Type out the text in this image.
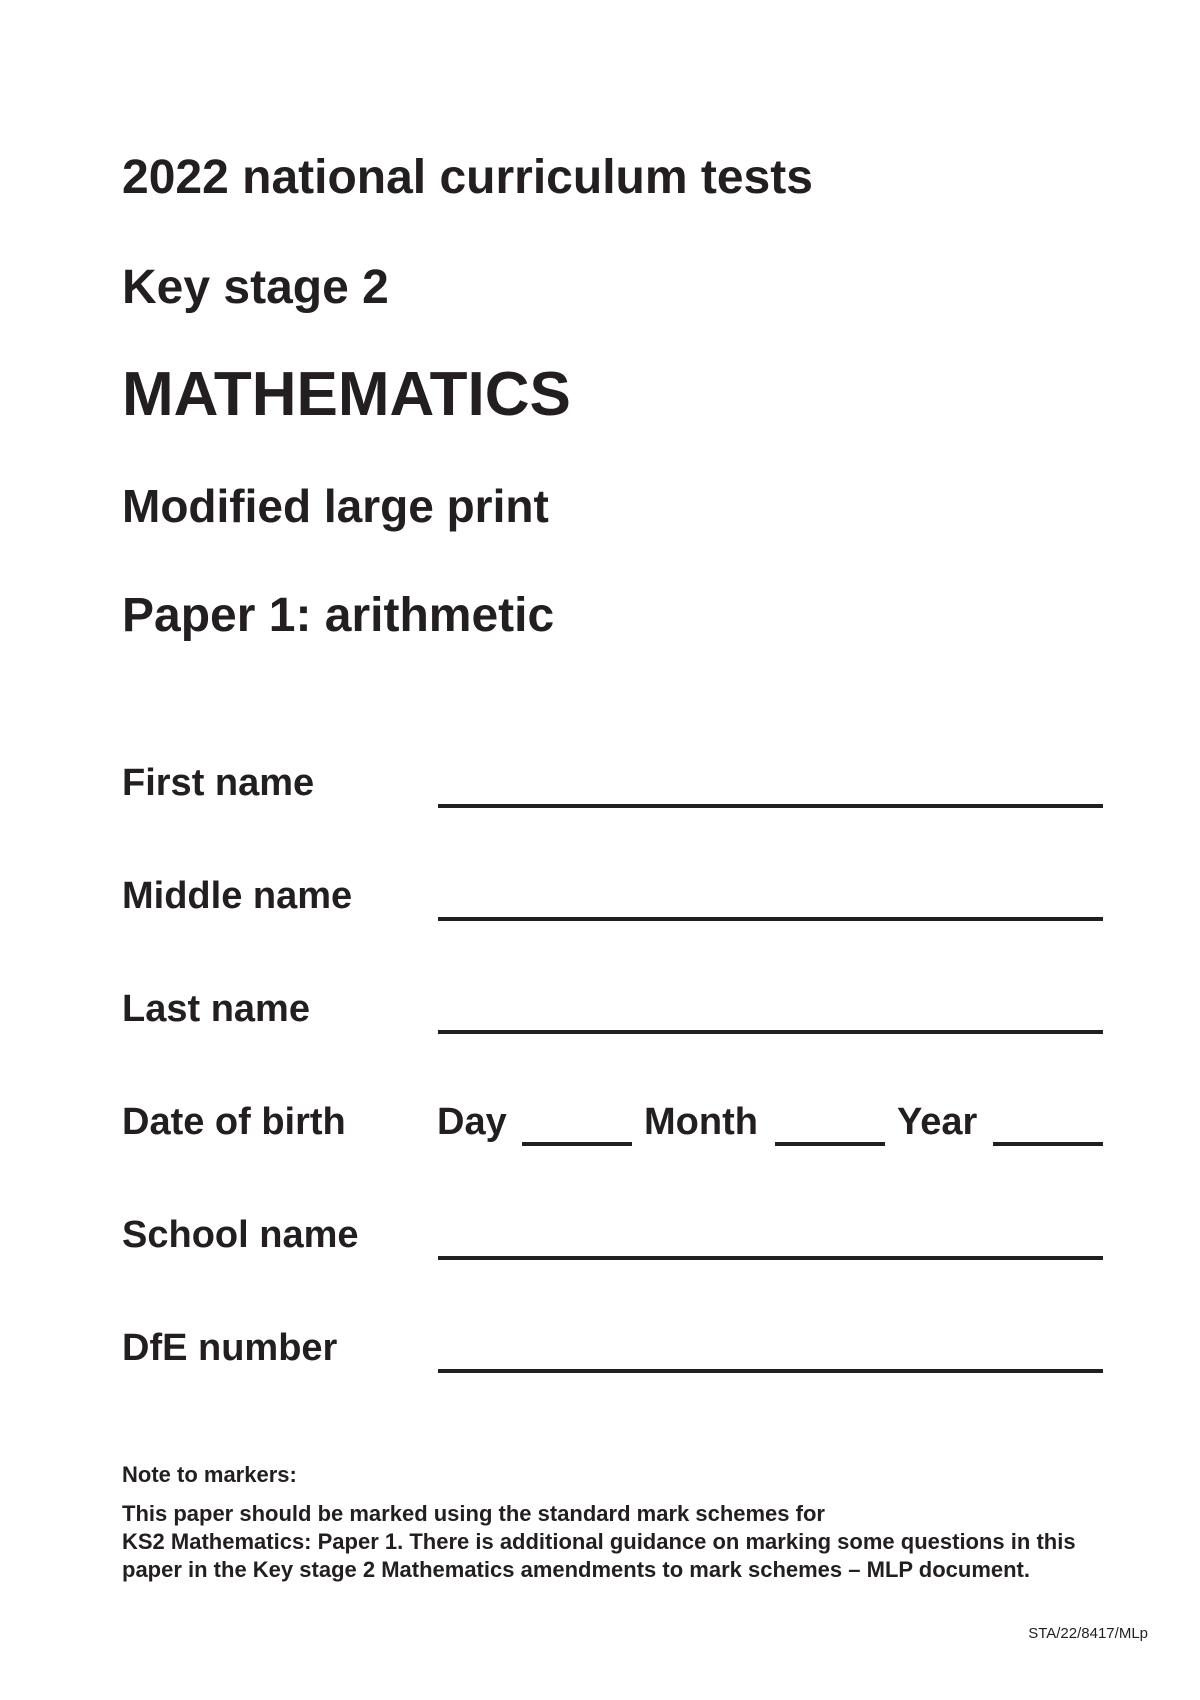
2022 national curriculum tests
Key stage 2
MATHEMATICS
Modified large print
Paper 1: arithmetic
First name
Middle name
Last name
Date of birth Day	Month	Year
School name
DfE number
Note to markers:
This paper should be marked using the standard mark schemes for
KS2 Mathematics: Paper 1. There is additional guidance on marking some questions in this
paper in the Key stage 2 Mathematics amendments to mark schemes – MLP document.
STA/22/8417/MLp
